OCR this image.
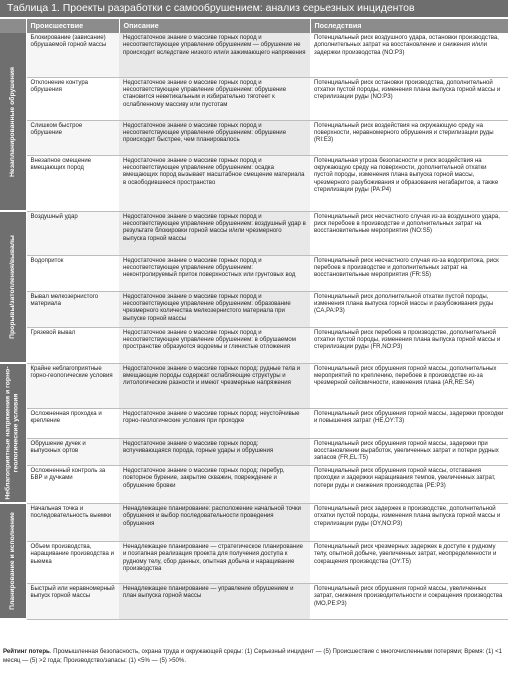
Таблица 1. Проекты разработки с самообрушением: анализ серьезных инцидентов
	Происшествие	Описание	Последствия

Незапланированные обрушения	Блокирование (зависание) обрушаемой горной массы	Недостаточное знание о массиве горных пород и несоответствующее управление обрушением — обрушение не происходит вследствие низкого или/и зажимающего напряжения	Потенциальный риск воздушного удара, остановки производства, дополнительных затрат на восстановление и снижения и/или задержки производства (NO:P3)
	Отклонение контура обрушения	Недостаточное знание о массиве горных пород и несоответствующее управление обрушением: обрушение становится неветикальным и избирательно тяготеет к ослабленному массиву или пустотам	Потенциальный риск остановки производства, дополнительной отхатки пустой породы, изменения плана выпуска горной массы и стерилизации руды (NO:P3)
	Слишком быстрое обрушение	Недостаточное знание о массиве горных пород и несоответствующее управление обрушением: обрушение происходит быстрее, чем планировалось	Потенциальный риск воздействия на окружающую среду на поверхности, неравномерного обрушения и стерилизации руды (RI:E3)
	Внезапное смещение вмещающих пород	Недостаточное знание о массиве горных пород и несоответствующее управление обрушением: осадка вмещающих пород вызывает масштабное смещение материала в освободившееся пространство	Потенциальная угроза безопасности и риск воздействия на окружающую среду на поверхности, дополнительной отхатки пустой породы, изменения плана выпуска горной массы, чрезмерного разубоживания и образования негабаритов, а также стерилизации руды (PA:P4)

Прорывы/затопления/вывалы	Воздушный удар	Недостаточное знание о массиве горных пород и несоответствующее управление обрушением: воздушный удар в результате блокировки горной массы и/или чрезмерного выпуска горной массы	Потенциальный риск несчастного случая из-за воздушного удара, риск перебоев в производстве и дополнительных затрат на восстановительные мероприятия (NO:S5)
	Водоприток	Недостаточное знание о массиве горных пород и несоответствующее управление обрушением: неконтролируемый приток поверхностных или грунтовых вод	Потенциальный риск несчастного случая из-за водопритока, риск перебоев в производстве и дополнительных затрат на восстановительные мероприятия (FR:S5)
	Вывал мелкозернистого материала	Недостаточное знание о массиве горных пород и несоответствующее управление обрушением: образование чрезмерного количества мелкозернистого материала при выпуске горной массы	Потенциальный риск дополнительной отхатки пустой породы, изменения плана выпуска горной массы и разубоживания руды (CA,PA:P3)
	Грязевой вывал	Недостаточное знание о массиве горных пород и несоответствующее управление обрушением: в обрушаемом пространстве образуются водоемы и глинистые отложения	Потенциальный риск перебоев в производстве, дополнительной отхатки пустой породы, изменения плана выпуска горной массы и стерилизации руды (FR,NO:P3)

Неблагоприятные напряжения и горно-геологические условия	Крайне неблагоприятные горно-геологические условия	Недостаточное знание о массиве горных пород: рудные тела и вмещающие породы содержат ослабляющие структуры и литологические разности и имеют чрезмерные напряжения	Потенциальный риск обрушения горной массы, дополнительных мероприятий по креплению, перебоев в производстве из-за чрезмерной сейсмичности, изменения плана (AR,RE:S4)
	Осложненная проходка и крепление	Недостаточное знание о массиве горных пород: неустойчивые горно-геологические условия при проходке	Потенциальный риск обрушения горной массы, задержки проходки и повышения затрат (HE,OY:T3)
	Обрушение дучек и выпускных ортов	Недостаточное знание о массиве горных пород: вспучивающаяся порода, горные удары и обрушения	Потенциальный риск обрушения горной массы, задержки при восстановлении выработок, увеличенных затрат и потери рудных запасов (FR,EL:T5)
	Осложненный контроль за БВР и дучками	Недостаточное знание о массиве горных пород: перебур, повторное бурение, закрытие скважин, повреждение и обрушение бровки	Потенциальный риск обрушения горной массы, отставания проходки и задержки наращивания темпов, увеличенных затрат, потери руды и снижения производства (PE:P3)

Планирование и исполнение	Начальная точка и последовательность выемки	Ненадлежащее планирование: расположение начальной точки обрушения и выбор последовательности проведения обрушения	Потенциальный риск задержек в производстве, дополнительной отхатки пустой породы, изменения плана выпуска горной массы и стерилизации руды (OY,NO:P3)
	Объем производства, наращивание производства и выемка	Ненадлежащее планирование — стратегическое планирование и поэтапная реализация проекта для получения доступа к рудному телу, сбор данных, опытная добыча и наращивание производства	Потенциальный риск чрезмерных задержек в доступе к рудному телу, опытной добыче, увеличенных затрат, неопределенности и сокращения производства (OY:T5)
	Быстрый или неравномерный выпуск горной массы	Ненадлежащее планирование — управление обрушением и план выпуска горной массы	Потенциальный риск обрушения горной массы, увеличенных затрат, снижения производительности и сокращения производства (MO,PE:P3)
Рейтинг потерь. Промышленная безопасность, охрана труда и окружающей среды: (1) Серьезный инцидент — (5) Происшествие с многочисленными потерями; Время: (1) <1 месяц — (5) >2 года; Производство/запасы: (1) <5% — (5) >50%.
